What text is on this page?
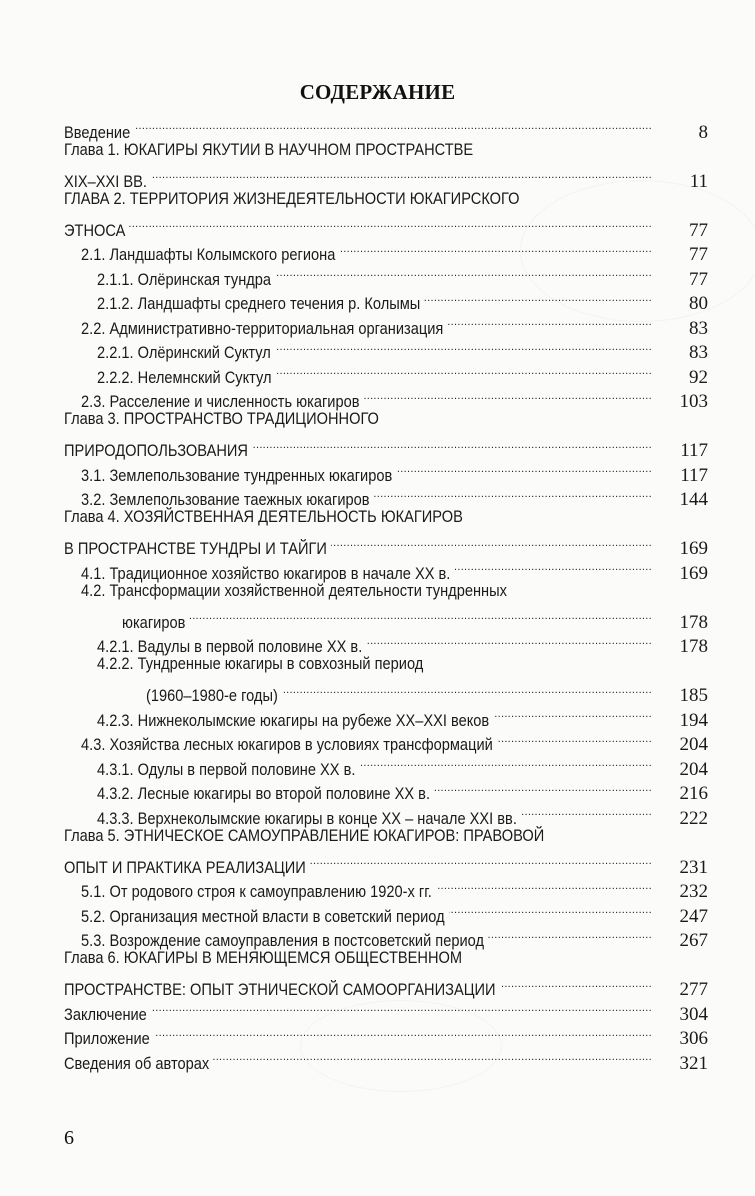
СОДЕРЖАНИЕ
Введение .....	8
Глава 1. ЮКАГИРЫ ЯКУТИИ В НАУЧНОМ ПРОСТРАНСТВЕ
XIX–XXI ВВ. .....	11
ГЛАВА 2. ТЕРРИТОРИЯ ЖИЗНЕДЕЯТЕЛЬНОСТИ ЮКАГИРСКОГО
ЭТНОСА .....	77
2.1. Ландшафты Колымского региона .....	77
2.1.1. Олёринская тундра .....	77
2.1.2. Ландшафты среднего течения р. Колымы .....	80
2.2. Административно-территориальная организация .....	83
2.2.1. Олёринский Суктул .....	83
2.2.2. Нелемнский Суктул .....	92
2.3. Расселение и численность юкагиров .....	103
Глава 3. ПРОСТРАНСТВО ТРАДИЦИОННОГО
ПРИРОДОПОЛЬЗОВАНИЯ .....	117
3.1. Землепользование тундренных юкагиров .....	117
3.2. Землепользование таежных юкагиров .....	144
Глава 4. ХОЗЯЙСТВЕННАЯ ДЕЯТЕЛЬНОСТЬ ЮКАГИРОВ
В ПРОСТРАНСТВЕ ТУНДРЫ И ТАЙГИ .....	169
4.1. Традиционное хозяйство юкагиров в начале XX в. .....	169
4.2. Трансформации хозяйственной деятельности тундренных
юкагиров .....	178
4.2.1. Вадулы в первой половине XX в. .....	178
4.2.2. Тундренные юкагиры в совхозный период
(1960–1980-е годы) .....	185
4.2.3. Нижнеколымские юкагиры на рубеже XX–XXI веков .....	194
4.3. Хозяйства лесных юкагиров в условиях трансформаций .....	204
4.3.1. Одулы в первой половине XX в. .....	204
4.3.2. Лесные юкагиры во второй половине XX в. .....	216
4.3.3. Верхнеколымские юкагиры в конце XX – начале XXI вв. .....	222
Глава 5. ЭТНИЧЕСКОЕ САМОУПРАВЛЕНИЕ ЮКАГИРОВ: ПРАВОВОЙ
ОПЫТ И ПРАКТИКА РЕАЛИЗАЦИИ .....	231
5.1. От родового строя к самоуправлению 1920-х гг. .....	232
5.2. Организация местной власти в советский период .....	247
5.3. Возрождение самоуправления в постсоветский период .....	267
Глава 6. ЮКАГИРЫ В МЕНЯЮЩЕМСЯ ОБЩЕСТВЕННОМ
ПРОСТРАНСТВЕ: ОПЫТ ЭТНИЧЕСКОЙ САМООРГАНИЗАЦИИ .....	277
Заключение .....	304
Приложение .....	306
Сведения об авторах .....	321
6
